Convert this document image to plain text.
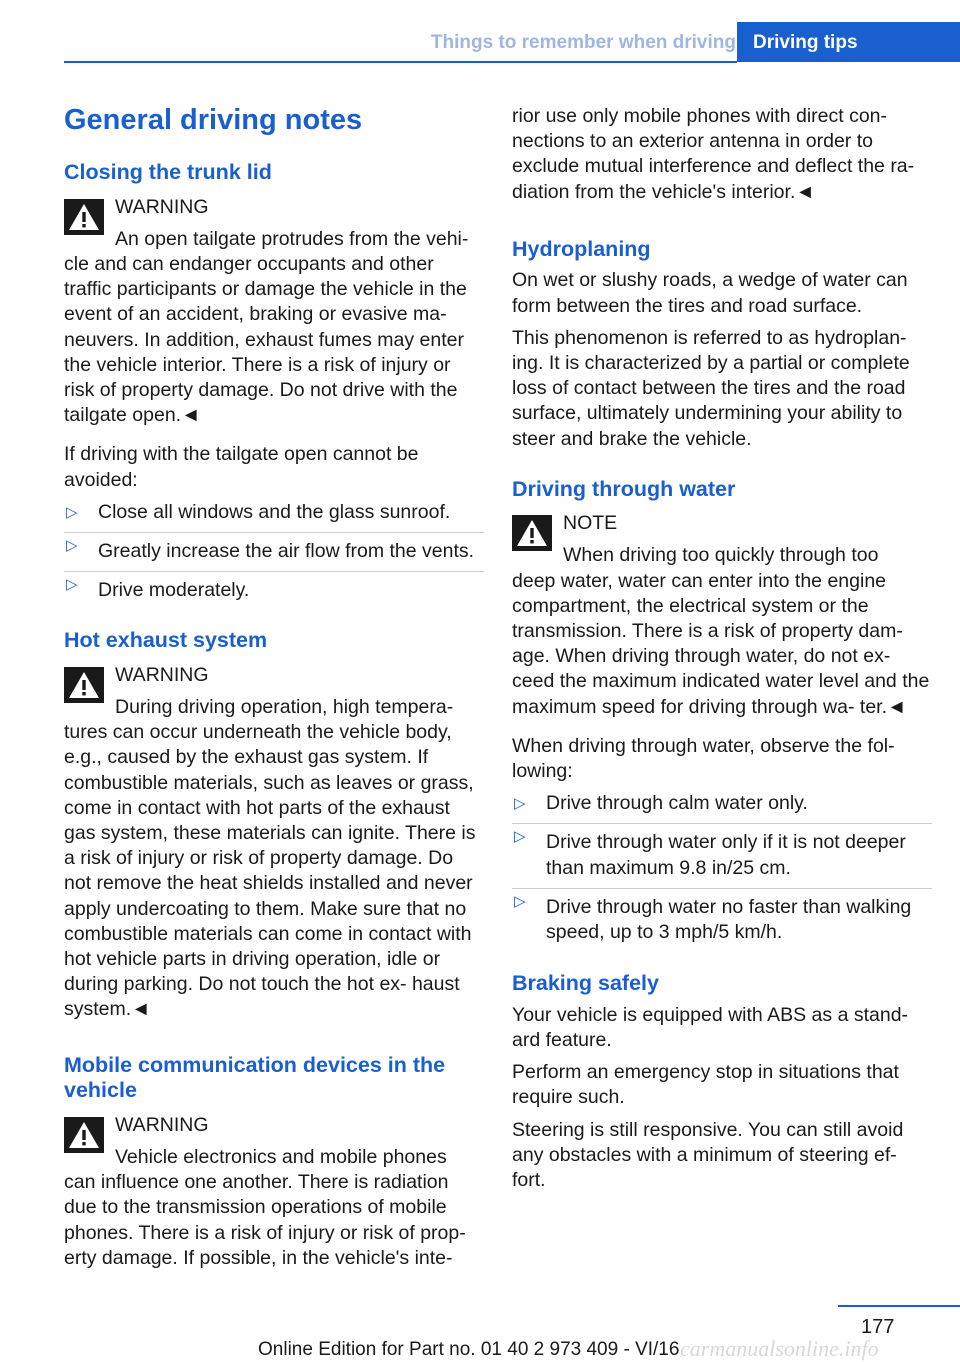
Things to remember when driving Driving tips
General driving notes
Closing the trunk lid

WARNING

An open tailgate protrudes from the vehi-

cle and can endanger occupants and other traffic participants or damage the vehicle in the event of an accident, braking or evasive ma- neuvers. In addition, exhaust fumes may enter the vehicle interior. There is a risk of injury or risk of property damage. Do not drive with the tailgate open.◄

If driving with the tailgate open cannot be avoided:

▷ Close all windows and the glass sunroof.
▷ Greatly increase the air flow from the vents.
▷ Drive moderately.
Hot exhaust system

WARNING

During driving operation, high tempera-

tures can occur underneath the vehicle body, e.g., caused by the exhaust gas system. If combustible materials, such as leaves or grass, come in contact with hot parts of the exhaust gas system, these materials can ignite. There is a risk of injury or risk of property damage. Do not remove the heat shields installed and never apply undercoating to them. Make sure that no combustible materials can come in contact with hot vehicle parts in driving operation, idle or during parking. Do not touch the hot ex- haust system.◄

Mobile communication devices in the vehicle

WARNING

Vehicle electronics and mobile phones

can influence one another. There is radiation due to the transmission operations of mobile phones. There is a risk of injury or risk of prop- erty damage. If possible, in the vehicle's inte-

rior use only mobile phones with direct con- nections to an exterior antenna in order to exclude mutual interference and deflect the ra- diation from the vehicle's interior.◄

Hydroplaning

On wet or slushy roads, a wedge of water can form between the tires and road surface.

This phenomenon is referred to as hydroplan- ing. It is characterized by a partial or complete loss of contact between the tires and the road surface, ultimately undermining your ability to steer and brake the vehicle.

Driving through water

NOTE

When driving too quickly through too

deep water, water can enter into the engine compartment, the electrical system or the transmission. There is a risk of property dam- age. When driving through water, do not ex- ceed the maximum indicated water level and the maximum speed for driving through wa- ter.◄

When driving through water, observe the fol- lowing:

▷ Drive through calm water only.
▷ Drive through water only if it is not deeper than maximum 9.8 in/25 cm.
▷ Drive through water no faster than walking speed, up to 3 mph/5 km/h.
Braking safely

Your vehicle is equipped with ABS as a stand- ard feature.

Perform an emergency stop in situations that require such.

Steering is still responsive. You can still avoid any obstacles with a minimum of steering ef- fort.

177
carmanualsonline.info
Online Edition for Part no. 01 40 2 973 409 - VI/16
